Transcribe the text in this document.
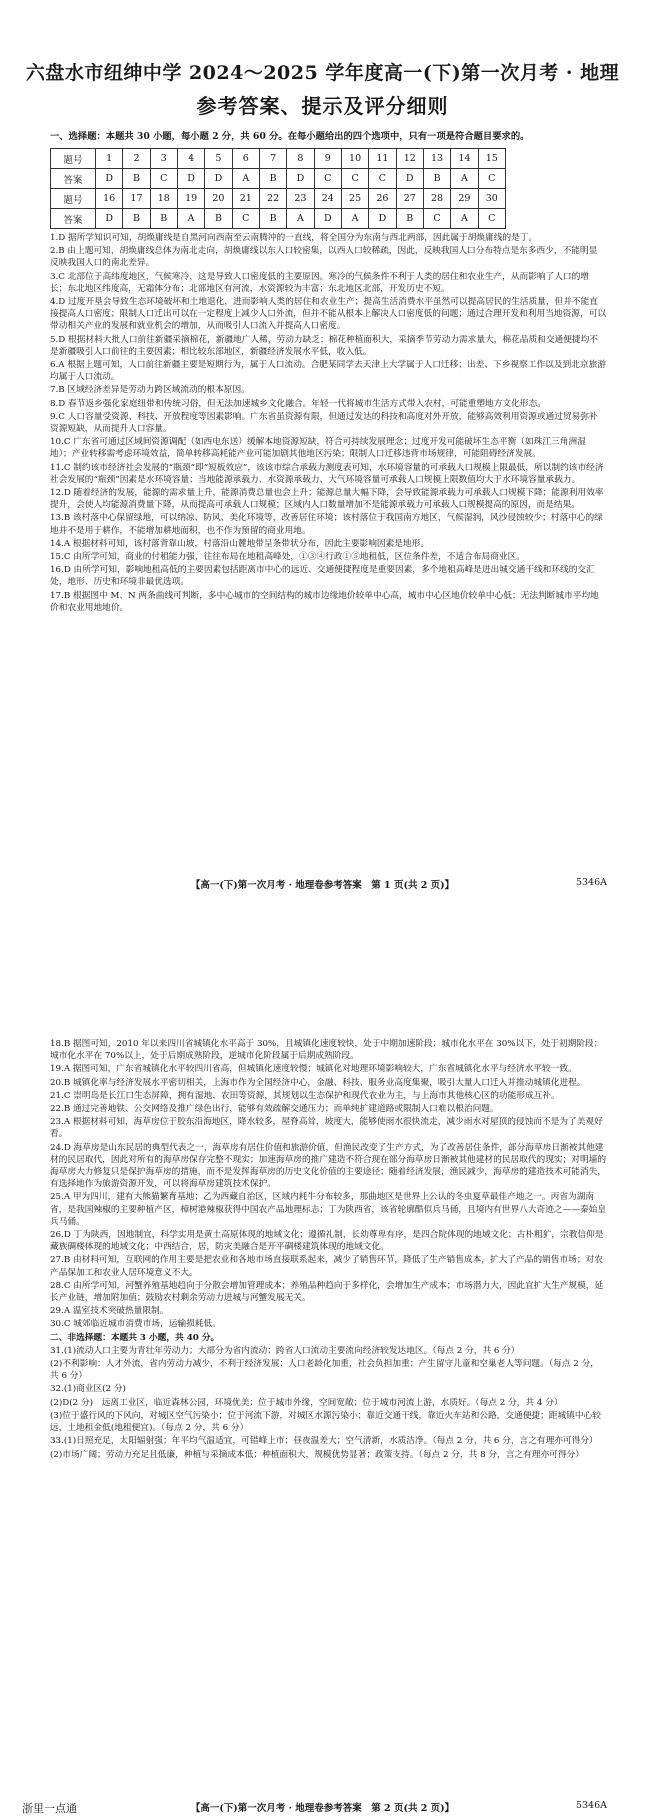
六盘水市纽绅中学 2024～2025 学年度高一(下)第一次月考 · 地理
参考答案、提示及评分细则
一、选择题：本题共 30 小题，每小题 2 分，共 60 分。在每小题给出的四个选项中，只有一项是符合题目要求的。
题号	1	2	3	4	5	6	7	8	9	10	11	12	13	14	15
答案	D	B	C	D	D	A	B	D	C	C	C	D	B	A	C
题号	16	17	18	19	20	21	22	23	24	25	26	27	28	29	30
答案	D	B	B	A	B	C	B	A	D	A	D	B	C	A	C

1.D 据所学知识可知，胡焕庸线是自黑河向西南至云南腾冲的一直线，将全国分为东南与西北两部，因此属于胡焕庸线的是丁。

2.B 由上题可知，胡焕庸线总体为南北走向，胡焕庸线以东人口较密集，以西人口较稀疏，因此，反映我国人口分布特点是东多西少，不能明显反映我国人口的南北差异。

3.C 北部位于高纬度地区，气候寒冷，这是导致人口密度低的主要原因。寒冷的气候条件不利于人类的居住和农业生产，从而影响了人口的增长；东北地区纬度高，无霜体分布；北部地区有河流，水资源较为丰富；东北地区北部，开发历史不短。

4.D 过度开垦会导致生态环境破坏和土地退化，进而影响人类的居住和农业生产；提高生活消费水平虽然可以提高居民的生活质量，但并不能直接提高人口密度；限制人口迁出可以在一定程度上减少人口外流，但并不能从根本上解决人口密度低的问题；通过合理开发和利用当地资源，可以带动相关产业的发展和就业机会的增加，从而吸引人口流入并提高人口密度。

5.D 根据材料大批人口前往新疆采摘棉花，新疆地广人稀，劳动力缺乏；棉花种植面积大，采摘季节劳动力需求量大，棉花品质和交通便捷均不是新疆吸引人口前往的主要因素；相比较东部地区，新疆经济发展水平低，收入低。

6.A 根据上题可知，人口前往新疆主要是短期行为，属于人口流动。合肥某同学去天津上大学属于人口迁移；出差、下乡视察工作以及到北京旅游均属于人口流动。

7.B 区域经济差异是劳动力跨区域流动的根本原因。

8.D 春节返乡强化家庭纽带和传统习俗，但无法加速城乡文化融合。年轻一代将城市生活方式带入农村，可能重塑地方文化形态。

9.C 人口容量受资源、科技、开放程度等因素影响。广东省虽资源有限，但通过发达的科技和高度对外开放，能够高效利用资源或通过贸易弥补资源短缺，从而提升人口容量。

10.C 广东省可通过区域间资源调配（如西电东送）缓解本地资源短缺，符合可持续发展理念；过度开发可能破坏生态平衡（如珠江三角洲湿地）；产业转移需考虑环境效益，简单转移高耗能产业可能加剧其他地区污染；限制人口迁移违背市场规律，可能阻碍经济发展。

11.C 制约该市经济社会发展的“瓶颈”即“短板效应”，该该市综合承载力测度表可知，水环境容量的可承载人口规模上限最低，所以制约该市经济社会发展的“瓶颈”因素是水环境容量；当地能源承载力、水资源承载力、大气环境容量可承载人口规模上限数值均大于水环境容量承载力。

12.D 随着经济的发展，能源的需求量上升，能源消费总量也会上升；能源总量大幅下降，会导致能源承载力可承载人口规模下降；能源利用效率提升，会使人均能源消费量下降，从而提高可承载人口规模；区域内人口数量增加不是能源承载力可承载人口规模提高的原因，而是结果。

13.B 该村落中心保留绿地，可以纳凉、防风、美化环境等，改善居住环境；该村落位于我国南方地区，气候湿润，风沙侵蚀较少；村落中心的绿地并不是用于耕作，不能增加耕地面积，也不作为预留的商业用地。

14.A 根据材料可知，该村落背靠山坡，村落沿山麓地带呈条带状分布，因此主要影响因素是地形。

15.C 由所学可知，商业的付租能力强，往往布局在地租高峰处，①③④行政①⑤地租低，区位条件差，不适合布局商业区。

16.D 由所学可知，影响地租高低的主要因素包括距离市中心的远近、交通便捷程度是重要因素，多个地租高峰是进出城交通干线和环线的交汇处，地形、历史和环境非最优选项。

17.B 根据图中 M、N 两条曲线可判断，多中心城市的空间结构的城市边缘地价较单中心高，城市中心区地价较单中心低；无法判断城市平均地价和农业用地地价。

【高一(下)第一次月考 · 地理卷参考答案　第 1 页(共 2 页)】	5346A

18.B 据图可知，2010 年以来四川省城镇化水平高于 30%，且城镇化速度较快，处于中期加速阶段；城市化水平在 30%以下，处于初期阶段；城市化水平在 70%以上，处于后期成熟阶段，逆城市化阶段属于后期成熟阶段。

19.A 据图可知，广东省城镇化水平较四川省高，但城镇化速度较慢；城镇化对地理环境影响较大，广东省城镇化水平与经济水平较一致。

20.B 城镇化率与经济发展水平密切相关，上海市作为全国经济中心，金融、科技、服务业高度集聚，吸引大量人口迁入并推动城镇化进程。

21.C 崇明岛是长江口生态屏障，拥有湿地、农田等资源，其规划以生态保护和现代农业为主，与上海市其他核心区的功能形成互补。

22.B 通过完善地铁、公交网络及推广绿色出行，能够有效疏解交通压力；而单纯扩建道路或限制人口难以根治问题。

23.A 根据材料可知，海草房位于胶东沿海地区，降水较多，屋脊高耸，坡度大，能够使雨水很快流走，减少雨水对屋顶的侵蚀而不是为了美观好看。

24.D 海草房是山东民居的典型代表之一，海草房有居住价值和旅游价值，但渔民改变了生产方式，为了改善居住条件，部分海草房日渐被其他建材的民居取代，因此对所有的海草房保存完整不现实；加速海草房的推广建造不符合现在部分海草房日渐被其他建材的民居取代的现实；对明墙的海草房大力修复只是保护海草房的措施，而不是发挥海草房的历史文化价值的主要途径；随着经济发展，渔民减少，海草房的建造技术可能消失，有选择地作为旅游资源开发，可以将海草房建筑技术保护。

25.A 甲为四川，建有大熊猫繁育基地；乙为西藏自治区，区域内耗牛分布较多，那曲地区是世界上公认的冬虫夏草最佳产地之一。丙省为湖南省，是我国辣椒的主要种植产区，樟树港辣椒获得中国农产品地理标志；丁为陕西省，该省轮廓酷似兵马俑，且境内有世界八大奇迹之——秦始皇兵马俑。

26.D 丁为陕西，因地制宜，科学实用是黄土高原体现的地域文化；遵循礼制，长幼尊卑有序，是四合院体现的地域文化；古朴粗犷，宗教信仰是藏族碉楼体现的地域文化；中西结合，居，防灾美融合是开平碉楼建筑体现的地域文化。

27.B 由材料可知，互联网的作用主要是把农业和各地市场直接联系起来，减少了销售环节，降低了生产销售成本，扩大了产品的销售市场；对农产品保加工和农业人居环境意义不大。

28.C 由所学可知，河蟹养殖基地趋向于分散会增加管理成本；养殖品种趋向于多样化，会增加生产成本；市场潜力大，因此宜扩大生产规模，延长产业链，增加附加值；鼓励农村剩余劳动力进城与河蟹发展无关。

29.A 温室技术突破热量限制。

30.C 城郊临近城市消费市场，运输损耗低。

二、非选择题：本题共 3 小题，共 40 分。

31.(1)流动人口主要为青壮年劳动力；大部分为省内流动；跨省人口流动主要流向经济较发达地区。（每点 2 分，共 6 分）

(2)不利影响：人才外流，省内劳动力减少，不利于经济发展；人口老龄化加重，社会负担加重；产生留守儿童和空巢老人等问题。（每点 2 分，共 6 分）

32.(1)商业区(2 分)

(2)D(2 分)　远离工业区，临近森林公园，环境优美；位于城市外缘，空间宽敞；位于城市河流上游，水质好。（每点 2 分，共 4 分）

(3)位于盛行风的下风向，对城区空气污染小；位于河流下游，对城区水源污染小；靠近交通干线，靠近火车站和公路，交通便捷；距城镇中心较远，土地租金低(地租便宜)。（每点 2 分，共 6 分）

33.(1)日照充足，太阳辐射强；年平均气温适宜，可错峰上市；昼夜温差大；空气清新，水质洁净。（每点 2 分，共 6 分，言之有理亦可得分）

(2)市场广阔；劳动力充足且低廉，种植与采摘成本低；种植面积大，规模优势显著；政策支持。（每点 2 分，共 8 分，言之有理亦可得分）

浙里一点通	【高一(下)第一次月考 · 地理卷参考答案　第 2 页(共 2 页)】	5346A
